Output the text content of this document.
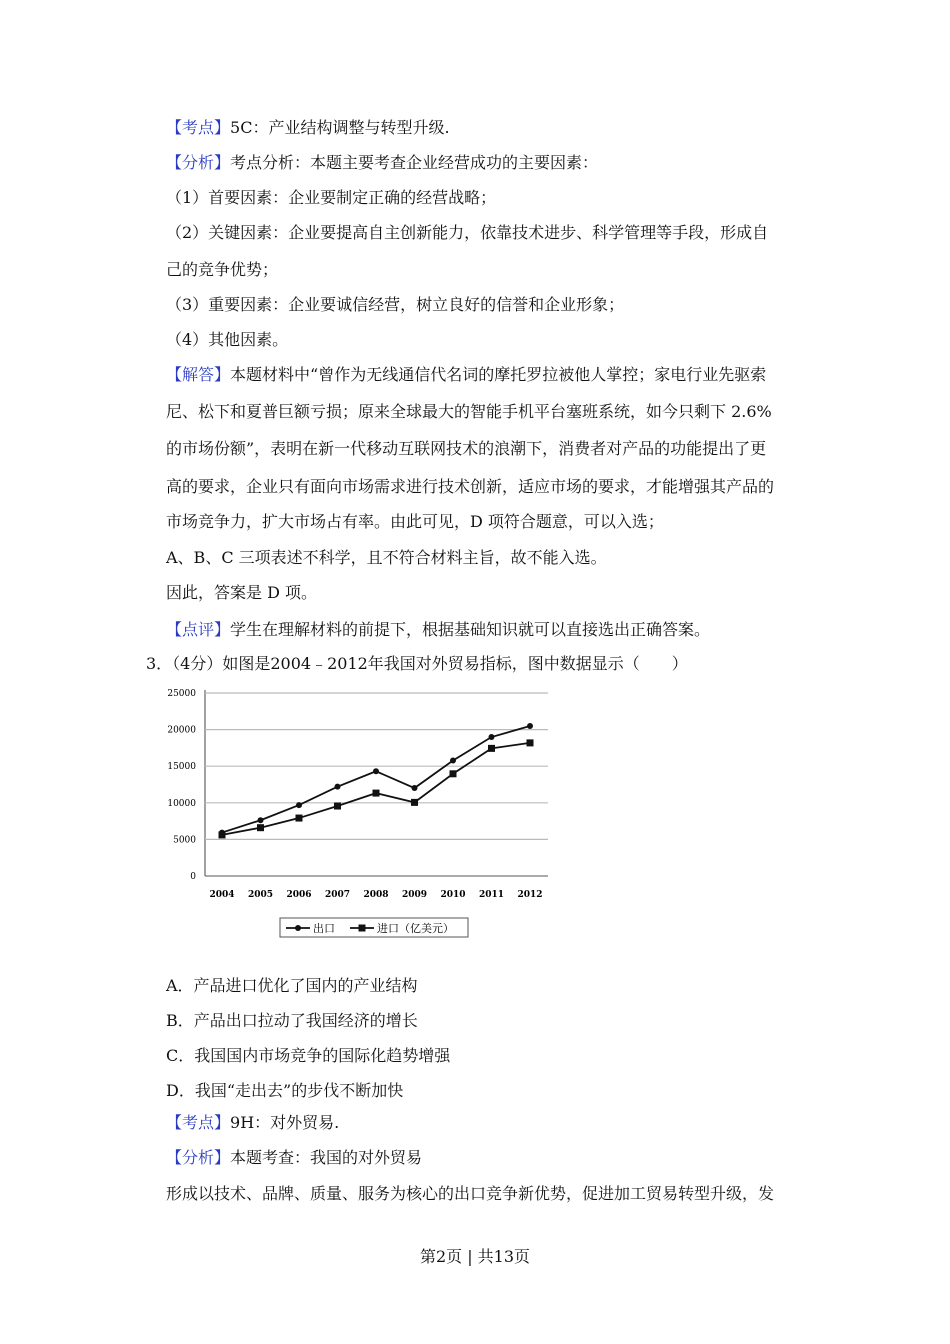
【考点】5C：产业结构调整与转型升级.
【分析】考点分析：本题主要考查企业经营成功的主要因素：
（1）首要因素：企业要制定正确的经营战略；
（2）关键因素：企业要提高自主创新能力，依靠技术进步、科学管理等手段，形成自
己的竞争优势；
（3）重要因素：企业要诚信经营，树立良好的信誉和企业形象；
（4）其他因素。
【解答】本题材料中“曾作为无线通信代名词的摩托罗拉被他人掌控；家电行业先驱索
尼、松下和夏普巨额亏损；原来全球最大的智能手机平台塞班系统，如今只剩下 2.6%
的市场份额”，表明在新一代移动互联网技术的浪潮下，消费者对产品的功能提出了更
高的要求，企业只有面向市场需求进行技术创新，适应市场的要求，才能增强其产品的
市场竞争力，扩大市场占有率。由此可见，D 项符合题意，可以入选；
A、B、C 三项表述不科学，且不符合材料主旨，故不能入选。
因此，答案是 D 项。
【点评】学生在理解材料的前提下，根据基础知识就可以直接选出正确答案。
3．（4分）如图是2004﹣2012年我国对外贸易指标，图中数据显示（　　）
0
5000
10000
15000
20000
25000
2004 2005 2006 2007 2008 2009 2010 2011 2012
出口	进口（亿美元）
A．产品进口优化了国内的产业结构
B．产品出口拉动了我国经济的增长
C．我国国内市场竞争的国际化趋势增强
D．我国“走出去”的步伐不断加快
【考点】9H：对外贸易.
【分析】本题考查：我国的对外贸易
形成以技术、品牌、质量、服务为核心的出口竞争新优势，促进加工贸易转型升级，发
第2页 | 共13页
